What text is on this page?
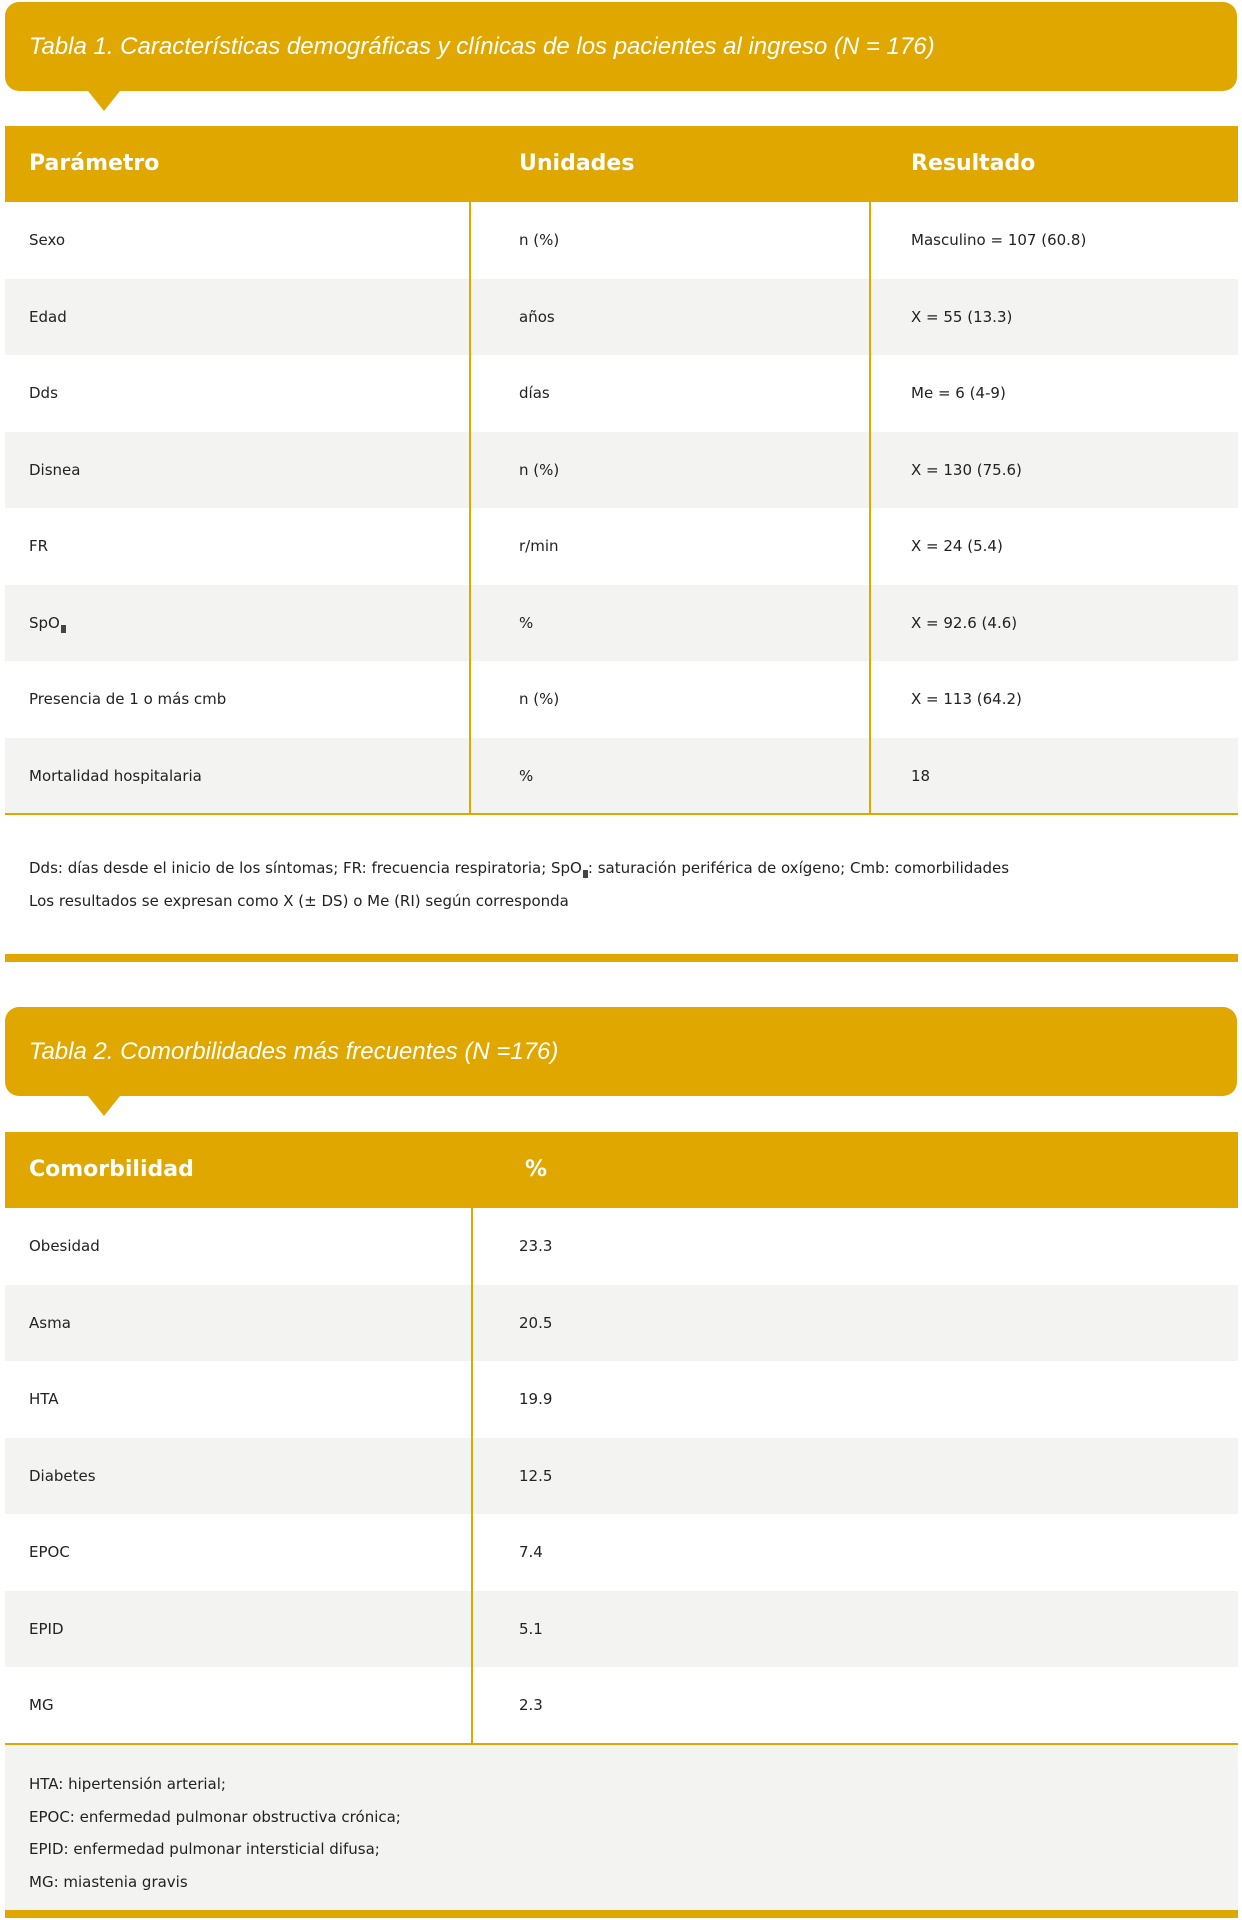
Tabla 1. Características demográficas y clínicas de los pacientes al ingreso (N = 176)
Parámetro	Unidades	Resultado
Sexo	n (%)	Masculino = 107 (60.8)
Edad	años	X = 55 (13.3)
Dds	días	Me = 6 (4-9)
Disnea	n (%)	X = 130 (75.6)
FR	r/min	X = 24 (5.4)
SpO	%	X = 92.6 (4.6)
Presencia de 1 o más cmb	n (%)	X = 113 (64.2)
Mortalidad hospitalaria	%	18
Dds: días desde el inicio de los síntomas; FR: frecuencia respiratoria; SpO : saturación periférica de oxígeno; Cmb: comorbilidades
Los resultados se expresan como X (± DS) o Me (RI) según corresponda
Tabla 2. Comorbilidades más frecuentes (N =176)
Comorbilidad	%
Obesidad	23.3
Asma	20.5
HTA	19.9
Diabetes	12.5
EPOC	7.4
EPID	5.1
MG	2.3
HTA: hipertensión arterial;
EPOC: enfermedad pulmonar obstructiva crónica;
EPID: enfermedad pulmonar intersticial difusa;
MG: miastenia gravis
